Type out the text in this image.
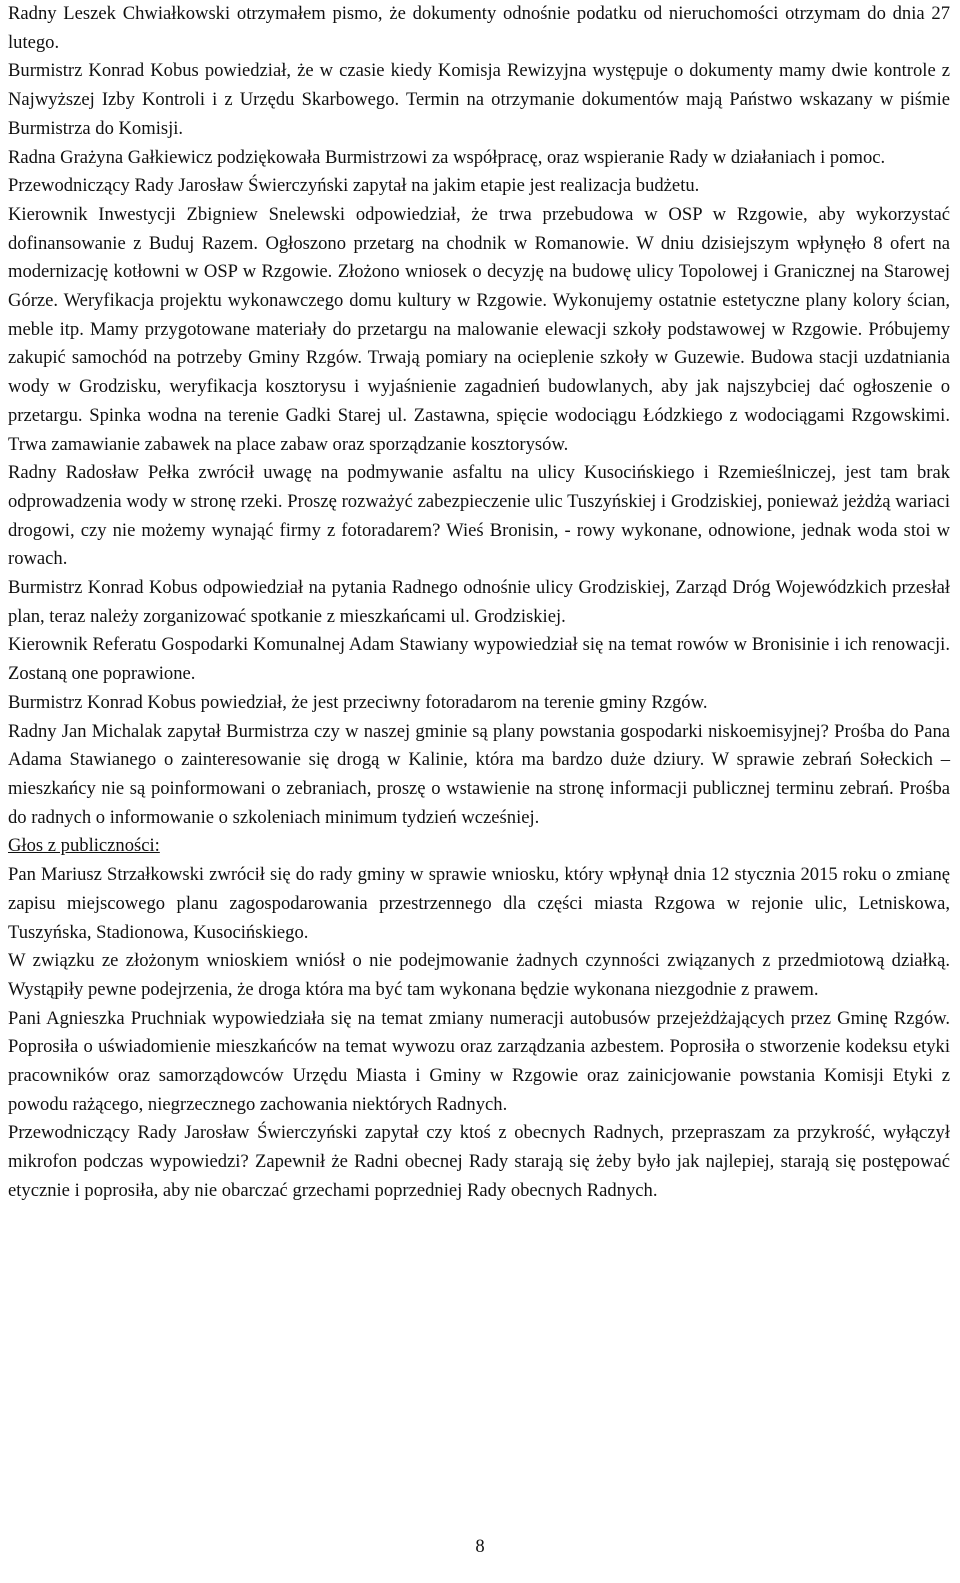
Radny Leszek Chwiałkowski otrzymałem pismo, że dokumenty odnośnie podatku od nieruchomości otrzymam do dnia 27 lutego.

Burmistrz Konrad Kobus powiedział, że w czasie kiedy Komisja Rewizyjna występuje o dokumenty mamy dwie kontrole z Najwyższej Izby Kontroli i z Urzędu Skarbowego. Termin na otrzymanie dokumentów mają Państwo wskazany w piśmie Burmistrza do Komisji.

Radna Grażyna Gałkiewicz podziękowała Burmistrzowi za współpracę, oraz wspieranie Rady w działaniach i pomoc.

Przewodniczący Rady Jarosław Świerczyński zapytał na jakim etapie jest realizacja budżetu.

Kierownik Inwestycji Zbigniew Snelewski odpowiedział, że trwa przebudowa w OSP w Rzgowie, aby wykorzystać dofinansowanie z Buduj Razem. Ogłoszono przetarg na chodnik w Romanowie. W dniu dzisiejszym wpłynęło 8 ofert na modernizację kotłowni w OSP w Rzgowie. Złożono wniosek o decyzję na budowę ulicy Topolowej i Granicznej na Starowej Górze. Weryfikacja projektu wykonawczego domu kultury w Rzgowie. Wykonujemy ostatnie estetyczne plany kolory ścian, meble itp. Mamy przygotowane materiały do przetargu na malowanie elewacji szkoły podstawowej w Rzgowie. Próbujemy zakupić samochód na potrzeby Gminy Rzgów. Trwają pomiary na ocieplenie szkoły w Guzewie. Budowa stacji uzdatniania wody w Grodzisku, weryfikacja kosztorysu i wyjaśnienie zagadnień budowlanych, aby jak najszybciej dać ogłoszenie o przetargu. Spinka wodna na terenie Gadki Starej ul. Zastawna, spięcie wodociągu Łódzkiego z wodociągami Rzgowskimi. Trwa zamawianie zabawek na place zabaw oraz sporządzanie kosztorysów.

Radny Radosław Pełka zwrócił uwagę na podmywanie asfaltu na ulicy Kusocińskiego i Rzemieślniczej, jest tam brak odprowadzenia wody w stronę rzeki. Proszę rozważyć zabezpieczenie ulic Tuszyńskiej i Grodziskiej, ponieważ jeżdżą wariaci drogowi, czy nie możemy wynająć firmy z fotoradarem? Wieś Bronisin, - rowy wykonane, odnowione, jednak woda stoi w rowach.

Burmistrz Konrad Kobus odpowiedział na pytania Radnego odnośnie ulicy Grodziskiej, Zarząd Dróg Wojewódzkich przesłał plan, teraz należy zorganizować spotkanie z mieszkańcami ul. Grodziskiej.

Kierownik Referatu Gospodarki Komunalnej Adam Stawiany wypowiedział się na temat rowów w Bronisinie i ich renowacji. Zostaną one poprawione.

Burmistrz Konrad Kobus powiedział, że jest przeciwny fotoradarom na terenie gminy Rzgów.

Radny Jan Michalak zapytał Burmistrza czy w naszej gminie są plany powstania gospodarki niskoemisyjnej? Prośba do Pana Adama Stawianego o zainteresowanie się drogą w Kalinie, która ma bardzo duże dziury. W sprawie zebrań Sołeckich – mieszkańcy nie są poinformowani o zebraniach, proszę o wstawienie na stronę informacji publicznej terminu zebrań. Prośba do radnych o informowanie o szkoleniach minimum tydzień wcześniej.

Głos z publiczności:

Pan Mariusz Strzałkowski zwrócił się do rady gminy w sprawie wniosku, który wpłynął dnia 12 stycznia 2015 roku o zmianę zapisu miejscowego planu zagospodarowania przestrzennego dla części miasta Rzgowa w rejonie ulic, Letniskowa, Tuszyńska, Stadionowa, Kusocińskiego.

W związku ze złożonym wnioskiem wniósł o nie podejmowanie żadnych czynności związanych z przedmiotową działką. Wystąpiły pewne podejrzenia, że droga która ma być tam wykonana będzie wykonana niezgodnie z prawem.

Pani Agnieszka Pruchniak wypowiedziała się na temat zmiany numeracji autobusów przejeżdżających przez Gminę Rzgów. Poprosiła o uświadomienie mieszkańców na temat wywozu oraz zarządzania azbestem. Poprosiła o stworzenie kodeksu etyki pracowników oraz samorządowców Urzędu Miasta i Gminy w Rzgowie oraz zainicjowanie powstania Komisji Etyki z powodu rażącego, niegrzecznego zachowania niektórych Radnych.

Przewodniczący Rady Jarosław Świerczyński zapytał czy ktoś z obecnych Radnych, przepraszam za przykrość, wyłączył mikrofon podczas wypowiedzi? Zapewnił że Radni obecnej Rady starają się żeby było jak najlepiej, starają się postępować etycznie i poprosiła, aby nie obarczać grzechami poprzedniej Rady obecnych Radnych.

8
